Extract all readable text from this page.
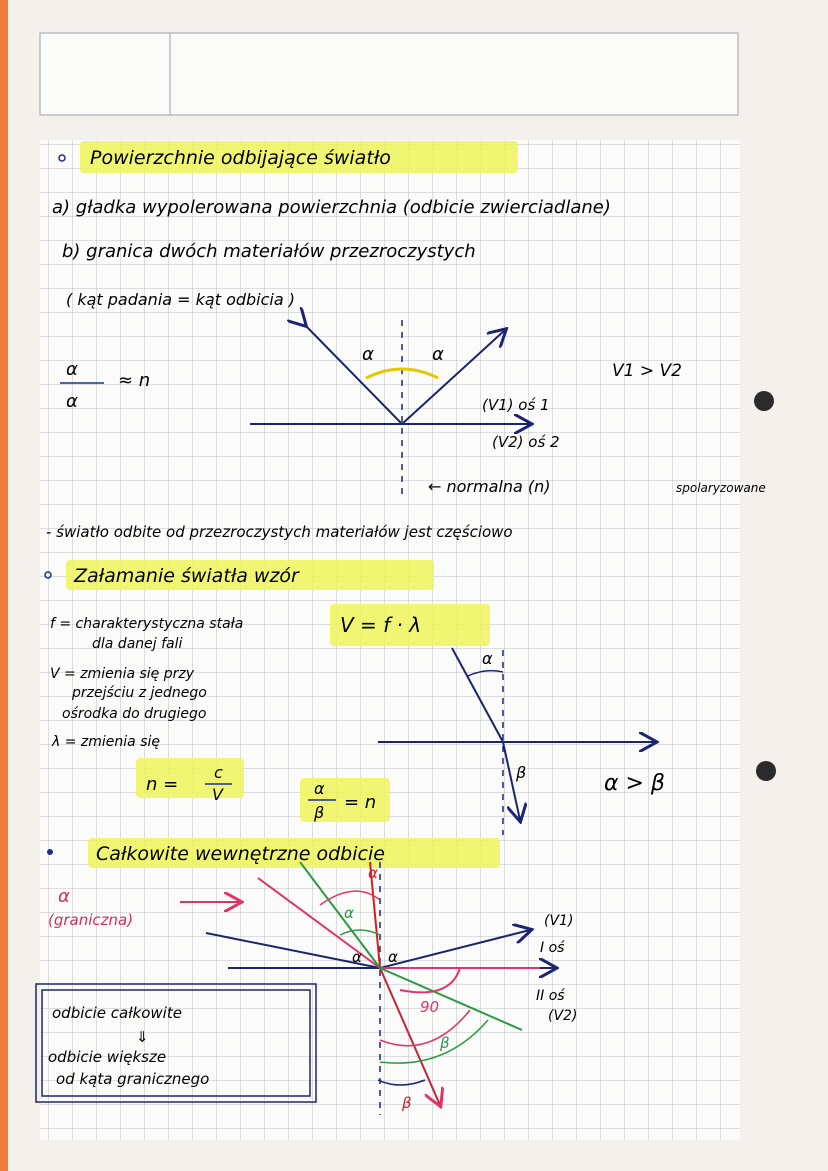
Powierzchnie odbijające światło
a) gładka wypolerowana powierzchnia (odbicie zwierciadlane)
b) granica dwóch materiałów przezroczystych
( kąt padania = kąt odbicia )
α
α
≈ n
α	α
V1 > V2
(V1) oś 1
(V2) oś 2
← normalna (n)	spolaryzowane
- światło odbite od przezroczystych materiałów jest częściowo
Załamanie światła wzór
f = charakterystyczna stała
dla danej fali
V = zmienia się przy
przejściu z jednego
ośrodka do drugiego
λ = zmienia się
V = f · λ
n =
c
V	α
β = n
α
β	α > β
Całkowite wewnętrzne odbicie
α
(graniczna)
α
α
α α
90
β
β
(V1)
I oś
II oś
(V2)
odbicie całkowite
⇓
odbicie większe
od kąta granicznego
